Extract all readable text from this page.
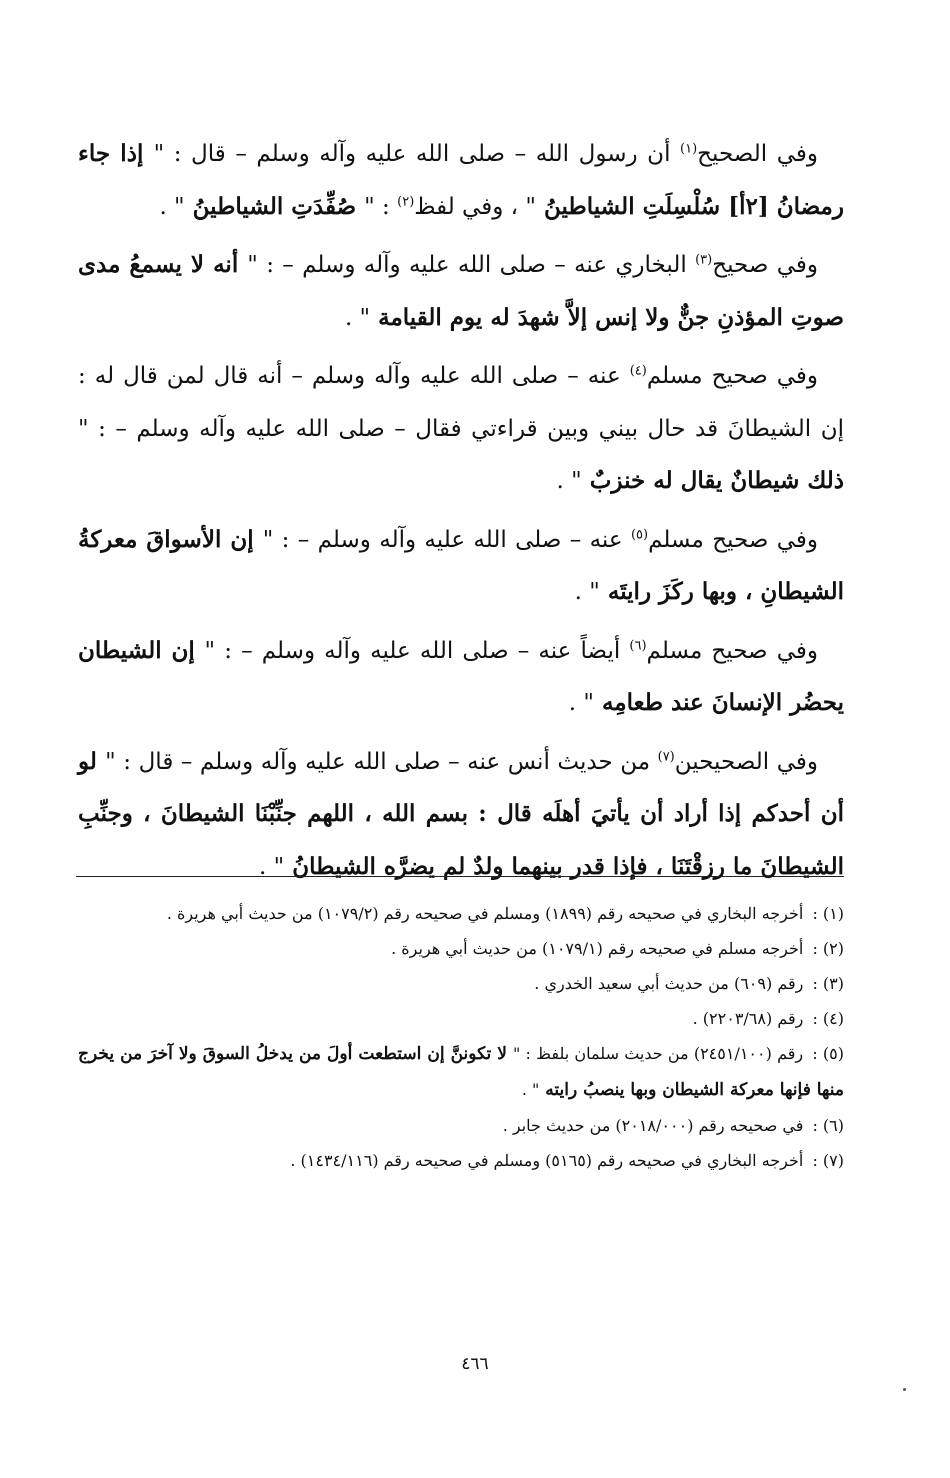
وفي الصحيح$^{(١)}$ أن رسول الله – صلى الله عليه وآله وسلم – قال : " إذا جاء رمضانُ [٢أ] سُلْسِلَتِ الشياطينُ " ، وفي لفظ$^{(٢)}$ : " صُفِّدَتِ الشياطينُ " .

وفي صحيح$^{(٣)}$ البخاري عنه – صلى الله عليه وآله وسلم – : " أنه لا يسمعُ مدى صوتِ المؤذنِ جنٌّ ولا إنس إلاَّ شهدَ له يوم القيامة " .

وفي صحيح مسلم$^{(٤)}$ عنه – صلى الله عليه وآله وسلم – أنه قال لمن قال له : إن الشيطانَ قد حال بيني وبين قراءتي فقال – صلى الله عليه وآله وسلم – : " ذلك شيطانٌ يقال له خنزبٌ " .

وفي صحيح مسلم$^{(٥)}$ عنه – صلى الله عليه وآله وسلم – : " إن الأسواقَ معركةُ الشيطانِ ، وبها ركَزَ رايتَه " .

وفي صحيح مسلم$^{(٦)}$ أيضاً عنه – صلى الله عليه وآله وسلم – : " إن الشيطان يحضُر الإنسانَ عند طعامِه " .

وفي الصحيحين$^{(٧)}$ من حديث أنس عنه – صلى الله عليه وآله وسلم – قال : " لو أن أحدكم إذا أراد أن يأتيَ أهلَه قال : بسم الله ، اللهم جنِّبْنَا الشيطانَ ، وجنِّبِ الشيطانَ ما رزقْتَنَا ، فإذا قدر بينهما ولدٌ لم يضرَّه الشيطانُ " .

(١) : أخرجه البخاري في صحيحه رقم (١٨٩٩) ومسلم في صحيحه رقم (١٠٧٩/٢) من حديث أبي هريرة .

(٢) : أخرجه مسلم في صحيحه رقم (١٠٧٩/١) من حديث أبي هريرة .

(٣) : رقم (٦٠٩) من حديث أبي سعيد الخدري .

(٤) : رقم (٢٢٠٣/٦٨) .

(٥) : رقم (٢٤٥١/١٠٠) من حديث سلمان بلفظ : " لا تكوننَّ إن استطعت أولَ من يدخلُ السوقَ ولا آخرَ من يخرج منها فإنها معركة الشيطان وبها ينصبُ رايته " .

(٦) : في صحيحه رقم (٢٠١٨/٠٠٠) من حديث جابر .

(٧) : أخرجه البخاري في صحيحه رقم (٥١٦٥) ومسلم في صحيحه رقم (١٤٣٤/١١٦) .

٤٦٦
